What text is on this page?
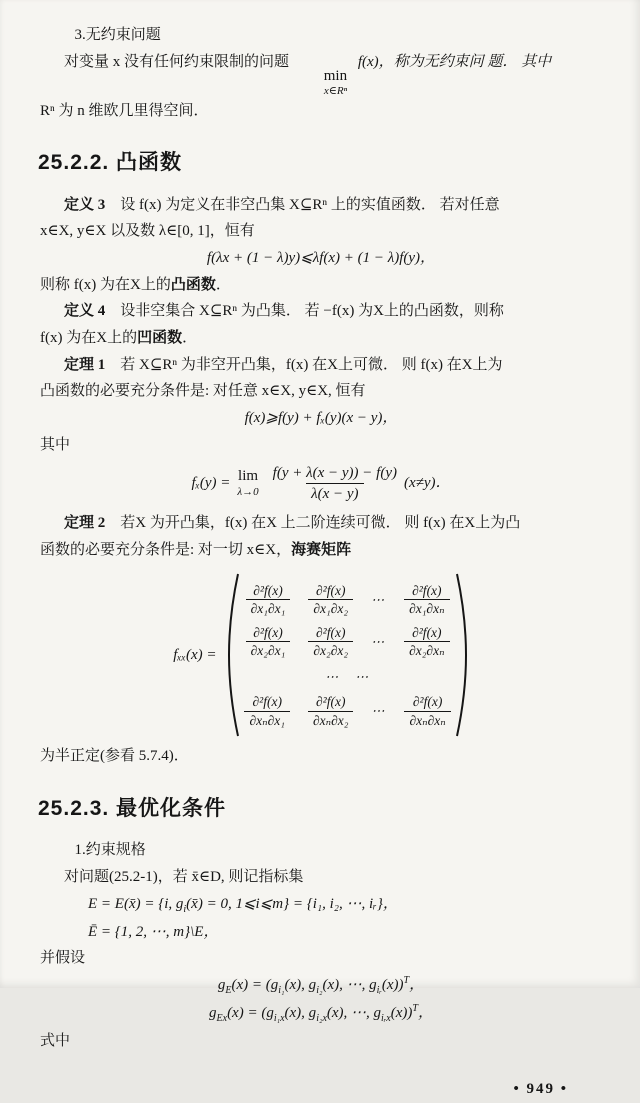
3.无约束问题
对变量 x 没有任何约束限制的问题
min
x∈Rⁿ
f(x)，称为无约束问 题． 其中
Rⁿ 为 n 维欧几里得空间．
25.2.2. 凸函数
定义 3　设 f(x) 为定义在非空凸集 X⊆Rⁿ 上的实值函数． 若对任意
x∈X, y∈X 以及数 λ∈[0, 1]，恒有
f(λx + (1 − λ)y)⩽λf(x) + (1 − λ)f(y)，
则称 f(x) 为在X上的凸函数．
定义 4　设非空集合 X⊆Rⁿ 为凸集． 若 −f(x) 为X上的凸函数，则称
f(x) 为在X上的凹函数．
定理 1　若 X⊆Rⁿ 为非空开凸集，f(x) 在X上可微． 则 f(x) 在X上为
凸函数的必要充分条件是: 对任意 x∈X, y∈X, 恒有
f(x)⩾f(y) + fₓ(y)(x − y)，
其中
fₓ(y) = lim
$\lambda\to 0 \frac{f(y + \lambda(x - y)) - f(y)}{\lambda(x - y)} (x\ne y)$．
定理 2　若X 为开凸集，f(x) 在X 上二阶连续可微． 则 f(x) 在X上为凸
函数的必要充分条件是: 对一切 x∈X，海赛矩阵
fₓₓ(x) =
$\frac{\text{∂²f(x)}}{\text{∂x₁∂x₁}} \frac{\text{∂²f(x)}}{\text{∂x₁∂x₂}}$ ⋯ $\frac{\text{∂²f(x)}}{\text{∂x₁∂xₙ}}$
$\frac{\text{∂²f(x)}}{\text{∂x₂∂x₁}} \frac{\text{∂²f(x)}}{\text{∂x₂∂x₂}}$ ⋯ $\frac{\text{∂²f(x)}}{\text{∂x₂∂xₙ}}$
⋯　⋯
$\frac{\text{∂²f(x)}}{\text{∂xₙ∂x₁}} \frac{\text{∂²f(x)}}{\text{∂xₙ∂x₂}}$ ⋯ $\frac{\text{∂²f(x)}}{\text{∂xₙ∂xₙ}}$
为半正定(参看 5.7.4)．
25.2.3. 最优化条件
1.约束规格
对问题(25.2-1)，若 x̄∈D, 则记指标集
E = E(x̄) = {i, $g_i(x̄) = 0$, 1⩽i⩽m} = {i₁, i₂, ⋯, iᵣ}，
Ē = {1, 2, ⋯, m}\E，
并假设
$g_E(x) = (g_{i_1}(x)$, $g_{i_2}(x)$, ⋯, $g_{iᵣ}(x))^T$，
$g_{Ex}(x) = (g_{i_1x}(x)$, $g_{i_2x}(x)$, ⋯, $g_{iᵣx}(x))^T$，
式中
• 949 •
